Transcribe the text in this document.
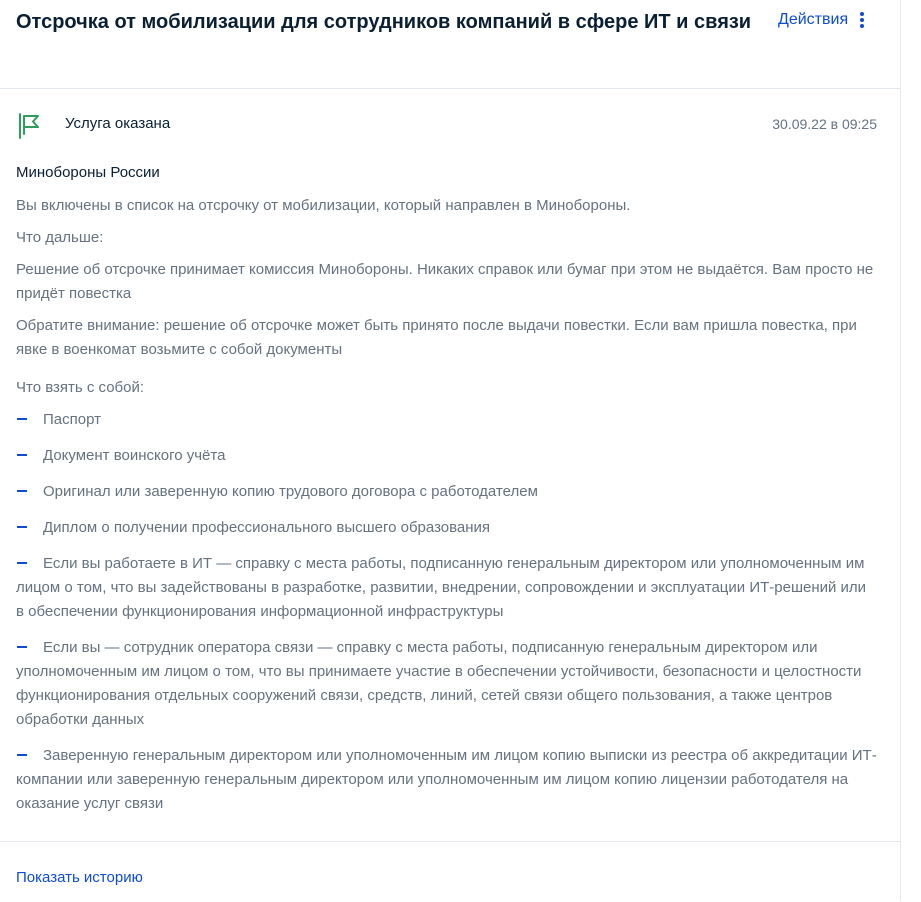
Отсрочка от мобилизации для сотрудников компаний в сфере ИТ и связи	Действия
Услуга оказана	30.09.22 в 09:25

Минобороны России

Вы включены в список на отсрочку от мобилизации, который направлен в Минобороны.

Что дальше:

Решение об отсрочке принимает комиссия Минобороны. Никаких справок или бумаг при этом не выдаётся. Вам просто не придёт повестка

Обратите внимание: решение об отсрочке может быть принято после выдачи повестки. Если вам пришла повестка, при явке в военкомат возьмите с собой документы

Что взять с собой:

Паспорт
Документ воинского учёта
Оригинал или заверенную копию трудового договора с работодателем
Диплом о получении профессионального высшего образования
Если вы работаете в ИТ — справку с места работы, подписанную генеральным директором или уполномоченным им лицом о том, что вы задействованы в разработке, развитии, внедрении, сопровождении и эксплуатации ИТ-решений или в обеспечении функционирования информационной инфраструктуры
Если вы — сотрудник оператора связи — справку с места работы, подписанную генеральным директором или уполномоченным им лицом о том, что вы принимаете участие в обеспечении устойчивости, безопасности и целостности функционирования отдельных сооружений связи, средств, линий, сетей связи общего пользования, а также центров обработки данных
Заверенную генеральным директором или уполномоченным им лицом копию выписки из реестра об аккредитации ИТ-компании или заверенную генеральным директором или уполномоченным им лицом копию лицензии работодателя на оказание услуг связи
Показать историю
